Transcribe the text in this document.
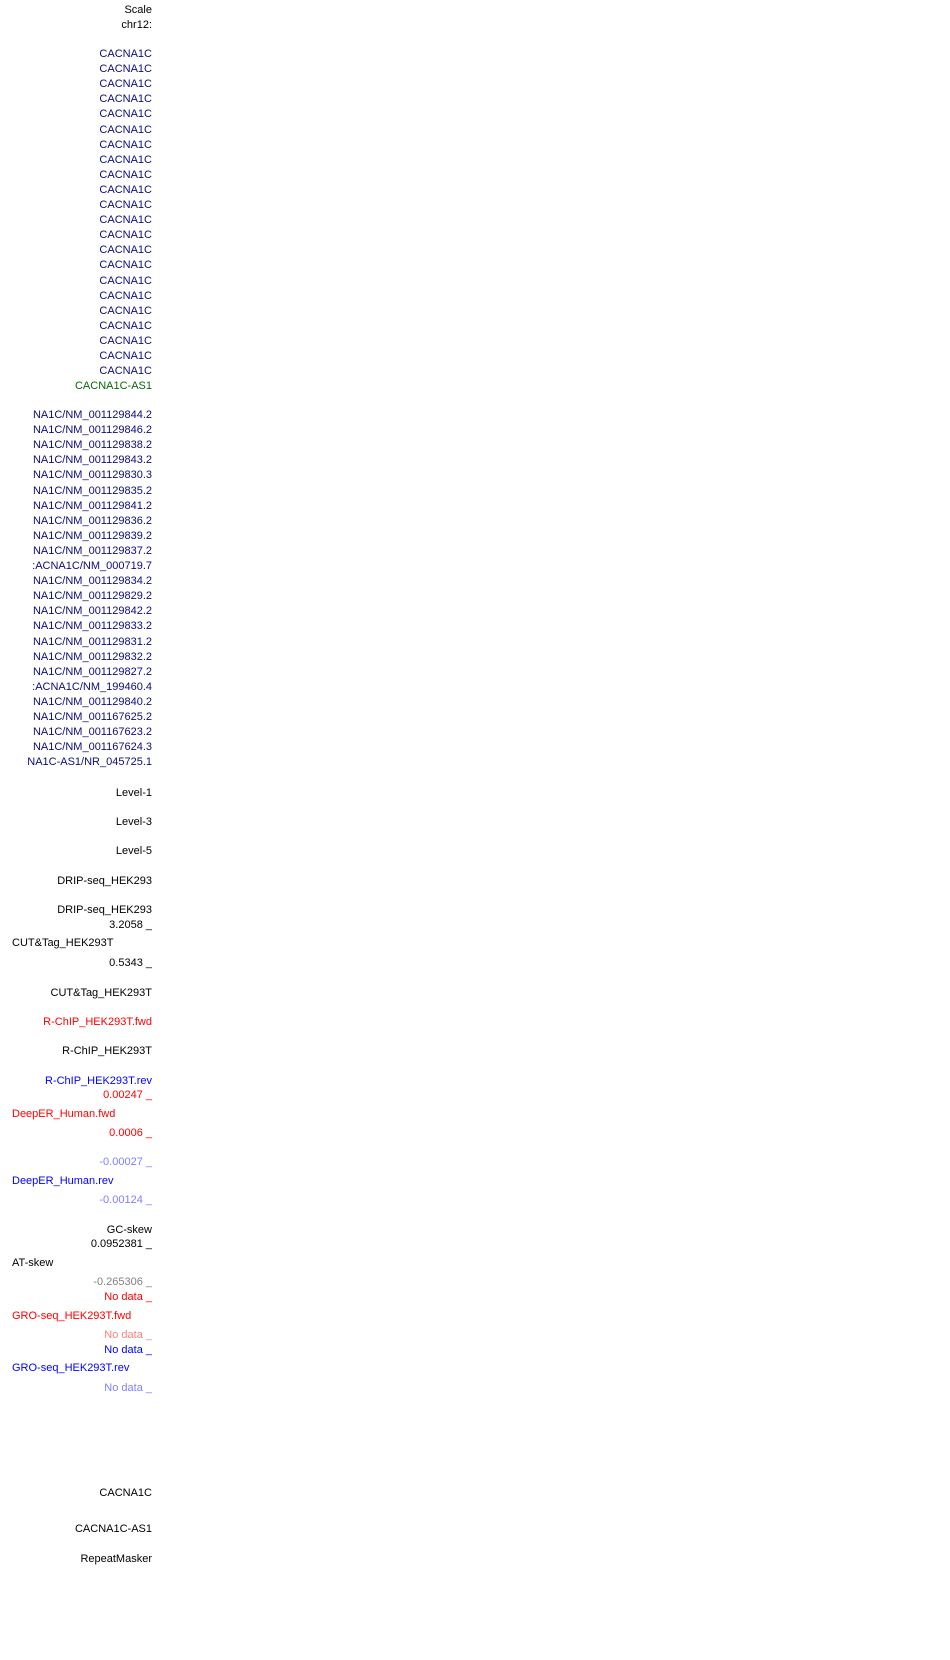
Scale
chr12:
Level-1
Level-3
Level-5
DRIP-seq_HEK293
DRIP-seq_HEK293
3.2058 _
CUT&Tag_HEK293T
0.5343 _
CUT&Tag_HEK293T
R-ChIP_HEK293T.fwd
R-ChIP_HEK293T
R-ChIP_HEK293T.rev
0.00247 _
DeepER_Human.fwd
0.0006 _
-0.00027 _
DeepER_Human.rev
-0.00124 _
GC-skew
0.0952381 _
AT-skew
-0.265306 _
No data _
GRO-seq_HEK293T.fwd
No data _
No data _
GRO-seq_HEK293T.rev
No data _
CACNA1C
CACNA1C-AS1
RepeatMasker
CACNA1C
CACNA1C
CACNA1C
CACNA1C
CACNA1C
CACNA1C
CACNA1C
CACNA1C
CACNA1C
CACNA1C
CACNA1C
CACNA1C
CACNA1C
CACNA1C
CACNA1C
CACNA1C
CACNA1C
CACNA1C
CACNA1C
CACNA1C
CACNA1C
CACNA1C
CACNA1C-AS1
NA1C/NM_001129844.2
NA1C/NM_001129846.2
NA1C/NM_001129838.2
NA1C/NM_001129843.2
NA1C/NM_001129830.3
NA1C/NM_001129835.2
NA1C/NM_001129841.2
NA1C/NM_001129836.2
NA1C/NM_001129839.2
NA1C/NM_001129837.2
:ACNA1C/NM_000719.7
NA1C/NM_001129834.2
NA1C/NM_001129829.2
NA1C/NM_001129842.2
NA1C/NM_001129833.2
NA1C/NM_001129831.2
NA1C/NM_001129832.2
NA1C/NM_001129827.2
:ACNA1C/NM_199460.4
NA1C/NM_001129840.2
NA1C/NM_001167625.2
NA1C/NM_001167623.2
NA1C/NM_001167624.3
NA1C-AS1/NR_045725.1
